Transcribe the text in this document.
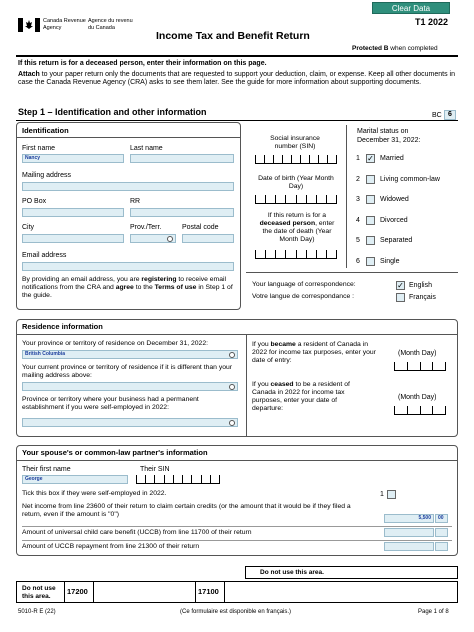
Clear Data
Canada Revenue Agency
Agence du revenu du Canada
T1 2022
Income Tax and Benefit Return
Protected B when completed
If this return is for a deceased person, enter their information on this page.
Attach to your paper return only the documents that are requested to support your deduction, claim, or expense. Keep all other documents in case the Canada Revenue Agency (CRA) asks to see them later. See the guide for more information about supporting documents.
Step 1 – Identification and other information	BC 6
Identification
First name	Last name
Nancy
Mailing address
PO Box	RR
City	Prov./Terr.	Postal code
Email address
By providing an email address, you are registering to receive email notifications from the CRA and agree to the Terms of use in Step 1 of the guide.
Social insurance number (SIN)
Date of birth (Year Month Day)
If this return is for a deceased person, enter the date of death (Year Month Day)
Marital status on December 31, 2022:
1 ✓ Married
2	Living common-law
3	Widowed
4	Divorced
5	Separated
6	Single
Your language of correspondence:
Votre langue de correspondance :
✓ English
Français
Residence information
Your province or territory of residence on December 31, 2022:
British Columbia
Your current province or territory of residence if it is different than your mailing address above:
Province or territory where your business had a permanent establishment if you were self-employed in 2022:
If you became a resident of Canada in 2022 for income tax purposes, enter your date of entry:
(Month Day)
If you ceased to be a resident of Canada in 2022 for income tax purposes, enter your date of departure:
(Month Day)
Your spouse's or common-law partner's information
Their first name	Their SIN
George
Tick this box if they were self-employed in 2022.	1
Net income from line 23600 of their return to claim certain credits (or the amount that it would be if they filed a return, even if the amount is "0")	5,500	00
Amount of universal child care benefit (UCCB) from line 11700 of their return
Amount of UCCB repayment from line 21300 of their return
Do not use this area.
Do not use
this area.
17200	17100
5010-R E (22)	(Ce formulaire est disponible en français.)	Page 1 of 8
